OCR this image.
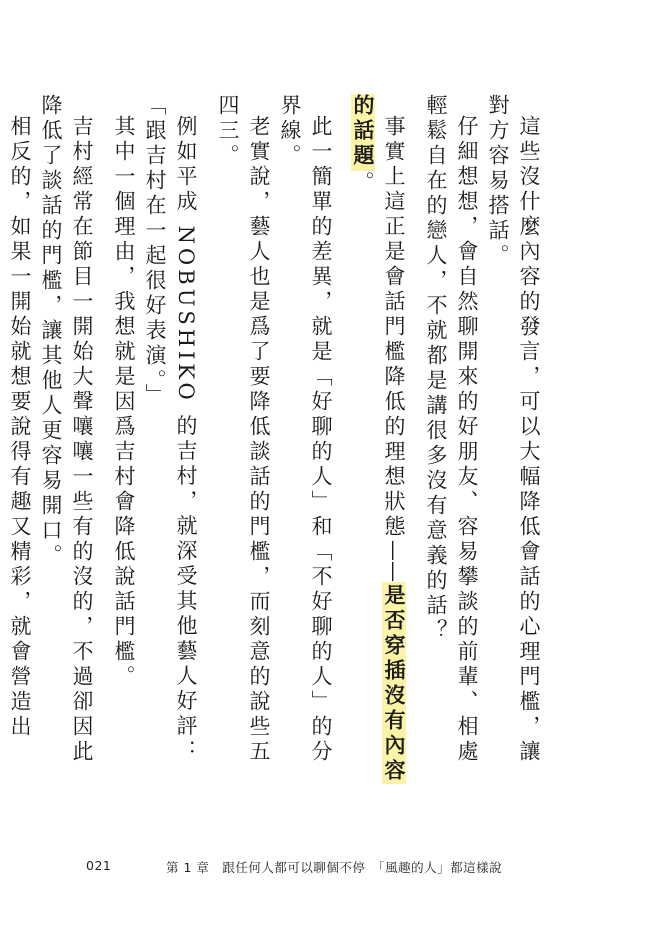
這些沒什麼內容的發言，可以大幅降低會話的心理門檻，讓對方容易搭話。

仔細想想，會自然聊開來的好朋友、容易攀談的前輩、相處輕鬆自在的戀人，不就都是講很多沒有意義的話？

事實上這正是會話門檻降低的理想狀態——是否穿插沒有內容的話題。

此一簡單的差異，就是「好聊的人」和「不好聊的人」的分界線。

老實說，藝人也是爲了要降低談話的門檻，而刻意的說些五四三。

例如平成 NOBUSHIKO 的吉村，就深受其他藝人好評：「跟吉村在一起很好表演。」

其中一個理由，我想就是因爲吉村會降低說話門檻。

吉村經常在節目一開始大聲嚷嚷一些有的沒的，不過卻因此降低了談話的門檻，讓其他人更容易開口。

相反的，如果一開始就想要說得有趣又精彩，就會營造出

021	第 1 章　跟任何人都可以聊個不停　「風趣的人」都這樣說
